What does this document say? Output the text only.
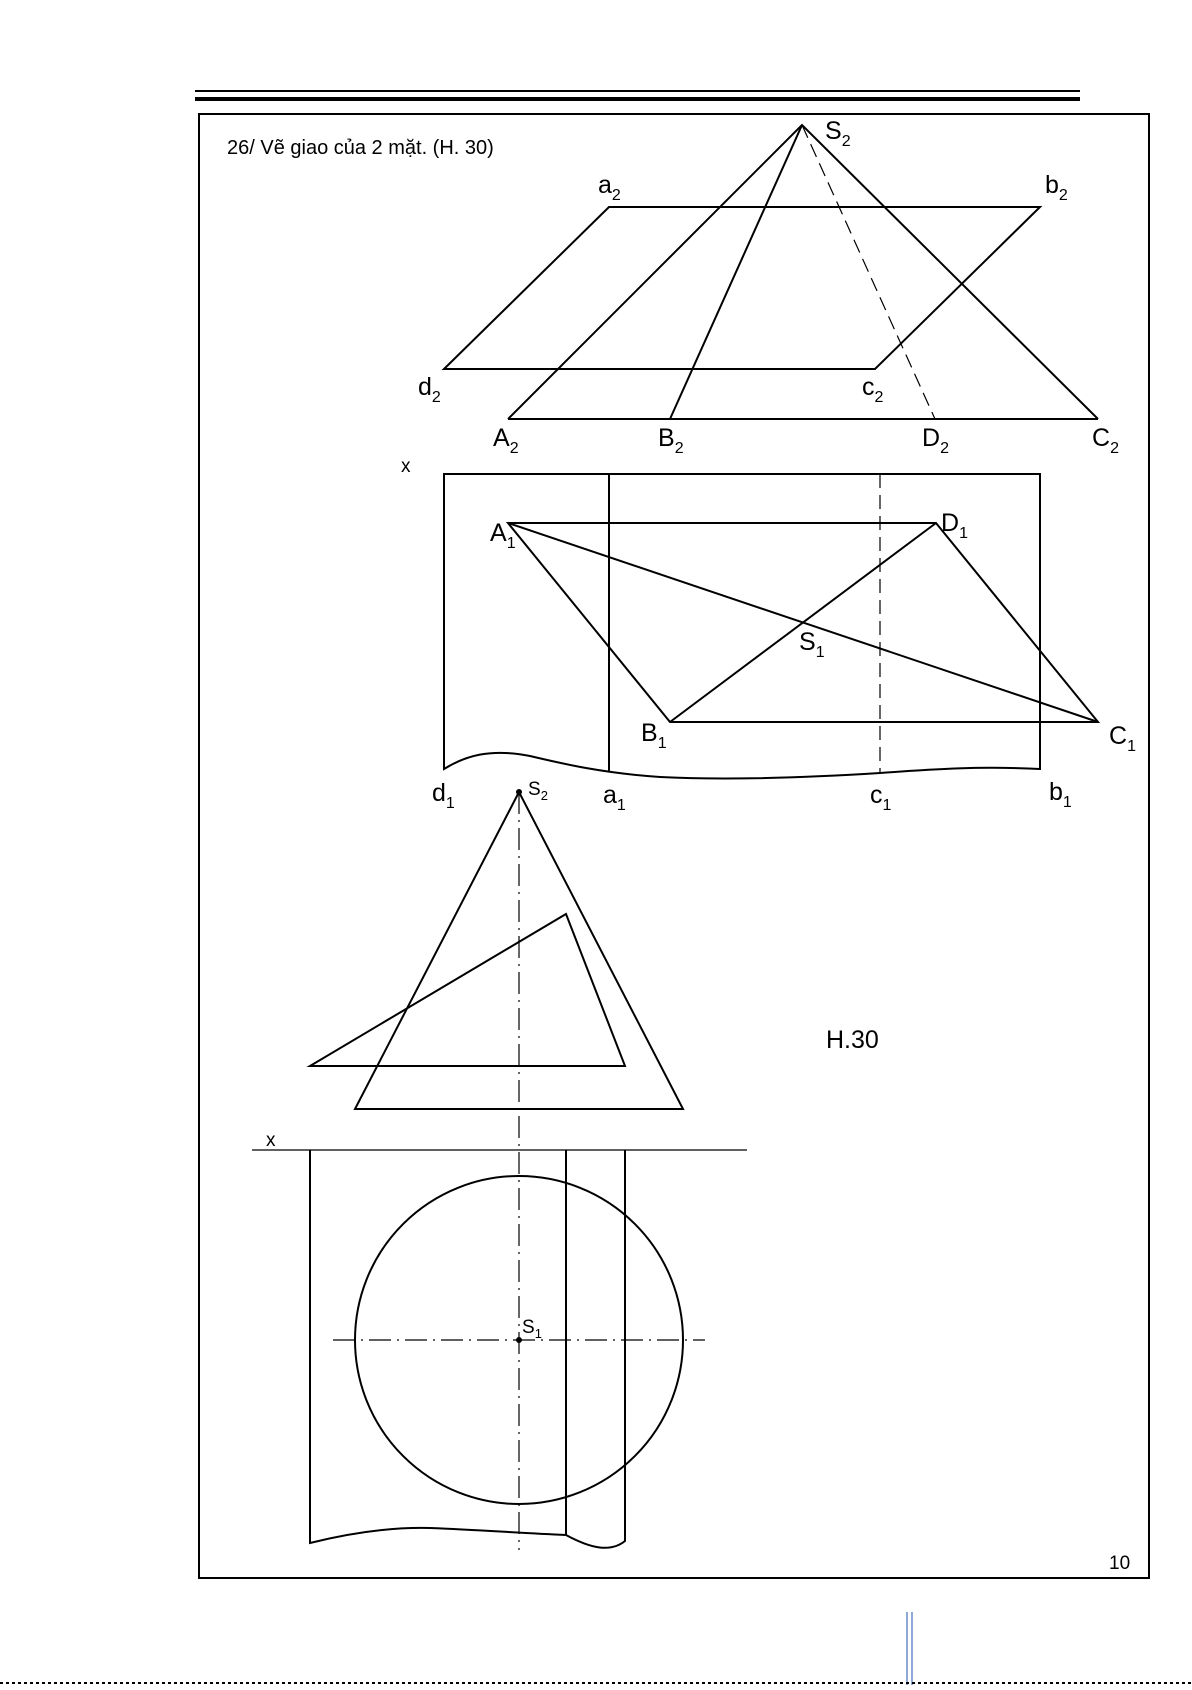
26/ Vẽ giao của 2 mặt. (H. 30)
$S_2$
$a_2$	$b_2$
$d_2$	$c_2$
$A_2$	$B_2$	$D_2$	$C_2$
x
$A_1$
$D_1$
$S_1$
$B_1$	$C_1$
$d_1$	$a_1$	$c_1$	$b_1$
$S_2$
x
$S_1$
H.30
10
